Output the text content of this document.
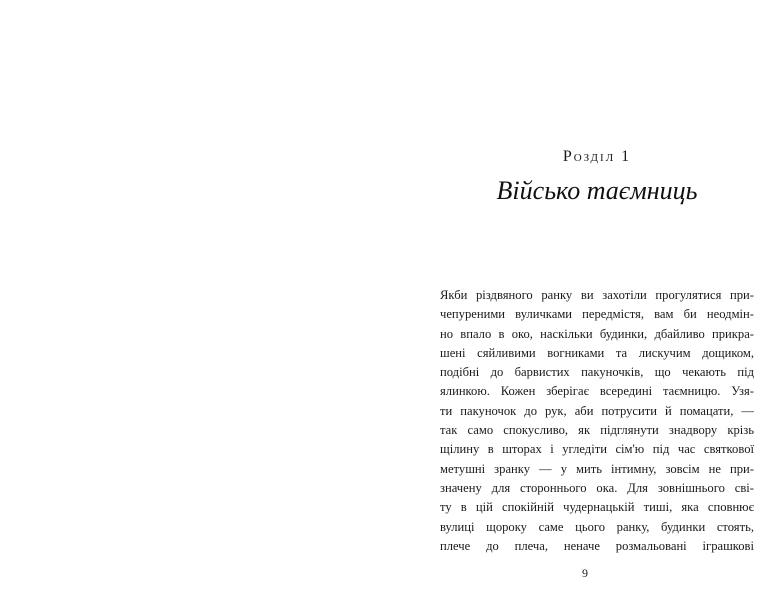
Розділ 1
Військо таємниць
Якби різдвяного ранку ви захотіли прогулятися при-
чепуреними вуличками передмістя, вам би неодмін-
но впало в око, наскільки будинки, дбайливо прикра-
шені сяйливими вогниками та лискучим дощиком,
подібні до барвистих пакуночків, що чекають під
ялинкою. Кожен зберігає всередині таємницю. Узя-
ти пакуночок до рук, аби потрусити й помацати, —
так само спокусливо, як підглянути знадвору крізь
щілину в шторах і угледіти сім'ю під час святкової
метушні зранку — у мить інтимну, зовсім не при-
значену для стороннього ока. Для зовнішнього сві-
ту в цій спокійній чудернацькій тиші, яка сповнює
вулиці щороку саме цього ранку, будинки стоять,
плече до плеча, неначе розмальовані іграшкові
9
